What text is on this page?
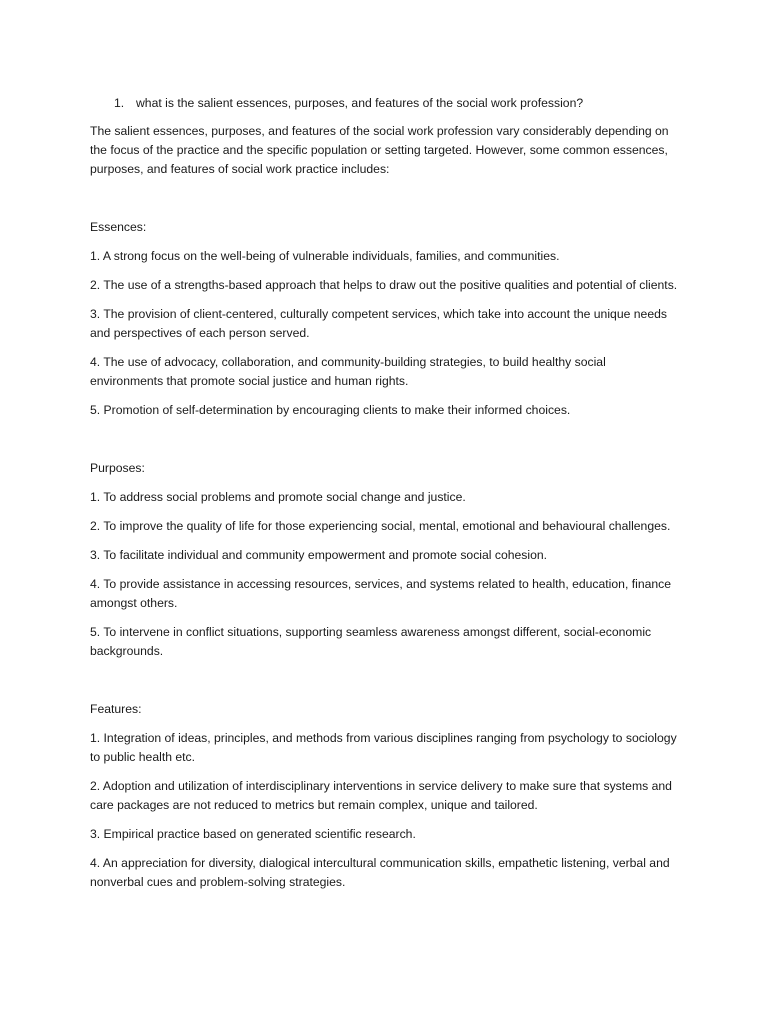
1. what is the salient essences, purposes, and features of the social work profession?

The salient essences, purposes, and features of the social work profession vary considerably depending on the focus of the practice and the specific population or setting targeted. However, some common essences, purposes, and features of social work practice includes:

Essences:

1. A strong focus on the well-being of vulnerable individuals, families, and communities.

2. The use of a strengths-based approach that helps to draw out the positive qualities and potential of clients.

3. The provision of client-centered, culturally competent services, which take into account the unique needs and perspectives of each person served.

4. The use of advocacy, collaboration, and community-building strategies, to build healthy social environments that promote social justice and human rights.

5. Promotion of self-determination by encouraging clients to make their informed choices.

Purposes:

1. To address social problems and promote social change and justice.

2. To improve the quality of life for those experiencing social, mental, emotional and behavioural challenges.

3. To facilitate individual and community empowerment and promote social cohesion.

4. To provide assistance in accessing resources, services, and systems related to health, education, finance amongst others.

5. To intervene in conflict situations, supporting seamless awareness amongst different, social-economic backgrounds.

Features:

1. Integration of ideas, principles, and methods from various disciplines ranging from psychology to sociology to public health etc.

2. Adoption and utilization of interdisciplinary interventions in service delivery to make sure that systems and care packages are not reduced to metrics but remain complex, unique and tailored.

3. Empirical practice based on generated scientific research.

4. An appreciation for diversity, dialogical intercultural communication skills, empathetic listening, verbal and nonverbal cues and problem-solving strategies.
